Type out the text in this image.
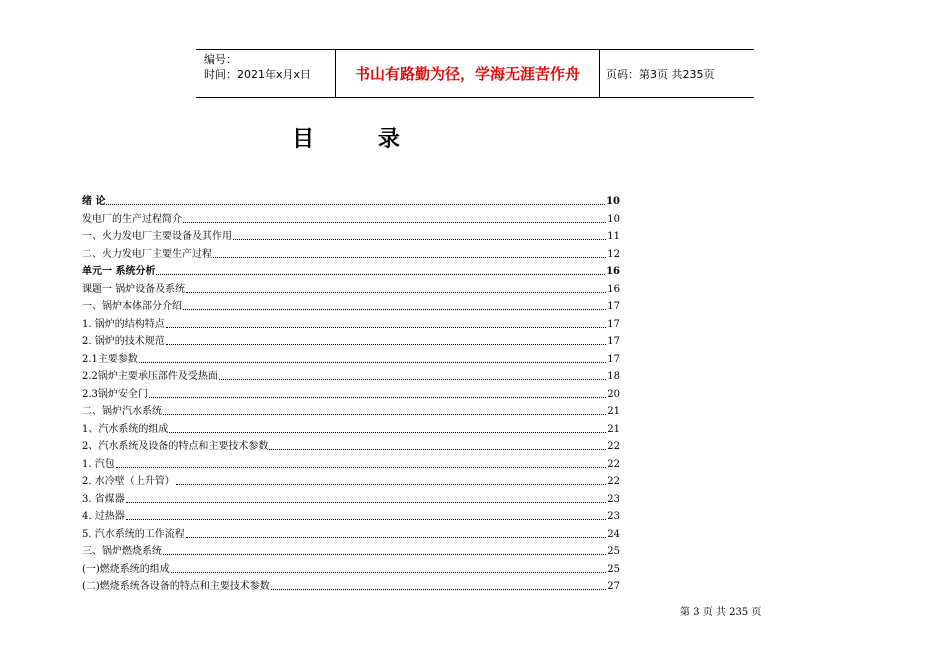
编号：
时间：2021年x月x日	书山有路勤为径，学海无涯苦作舟	页码：第3页 共235页
目 录
绪 论	10
发电厂的生产过程简介	10
一、火力发电厂主要设备及其作用	11
二、火力发电厂主要生产过程	12
单元一 系统分析	16
课题一 锅炉设备及系统	16
一、锅炉本体部分介绍	17
1. 锅炉的结构特点	17
2. 锅炉的技术规范	17
2.1主要参数	17
2.2锅炉主要承压部件及受热面	18
2.3锅炉安全门	20
二、锅炉汽水系统	21
1、汽水系统的组成	21
2、汽水系统及设备的特点和主要技术参数	22
1. 汽包	22
2. 水冷壁（上升管）	22
3. 省煤器	23
4. 过热器	23
5. 汽水系统的工作流程	24
三、锅炉燃烧系统	25
(一)燃烧系统的组成	25
(二)燃烧系统各设备的特点和主要技术参数	27
第 3 页 共 235 页
